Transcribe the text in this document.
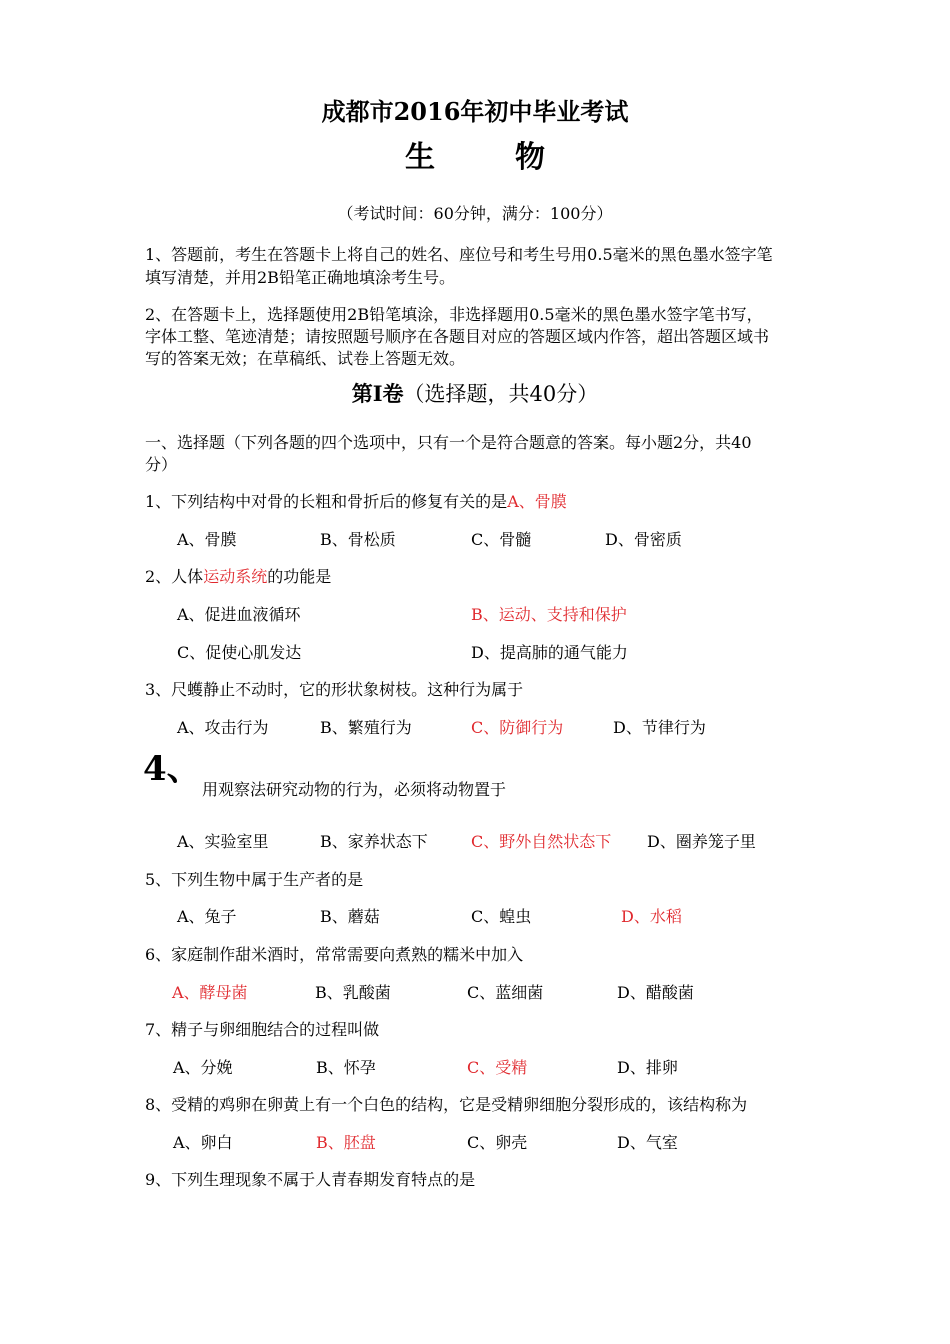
成都市2016年初中毕业考试
生物
（考试时间：60分钟，满分：100分）
1、答题前，考生在答题卡上将自己的姓名、座位号和考生号用0.5毫米的黑色墨水签字笔
填写清楚，并用2B铅笔正确地填涂考生号。
2、在答题卡上，选择题使用2B铅笔填涂，非选择题用0.5毫米的黑色墨水签字笔书写，
字体工整、笔迹清楚；请按照题号顺序在各题目对应的答题区域内作答，超出答题区域书
写的答案无效；在草稿纸、试卷上答题无效。
第Ⅰ卷（选择题，共40分）
一、选择题（下列各题的四个选项中，只有一个是符合题意的答案。每小题2分，共40
分）
1、下列结构中对骨的长粗和骨折后的修复有关的是A、骨膜
A、骨膜	B、骨松质	C、骨髓	D、骨密质
2、人体运动系统的功能是
A、促进血液循环	B、运动、支持和保护
C、促使心肌发达	D、提高肺的通气能力
3、尺蠖静止不动时，它的形状象树枝。这种行为属于
A、攻击行为	B、繁殖行为	C、防御行为	D、节律行为
4、
用观察法研究动物的行为，必须将动物置于
A、实验室里	B、家养状态下	C、野外自然状态下 D、圈养笼子里
5、下列生物中属于生产者的是
A、兔子	B、蘑菇	C、蝗虫	D、水稻
6、家庭制作甜米酒时，常常需要向煮熟的糯米中加入
A、酵母菌	B、乳酸菌	C、蓝细菌	D、醋酸菌
7、精子与卵细胞结合的过程叫做
A、分娩	B、怀孕	C、受精	D、排卵
8、受精的鸡卵在卵黄上有一个白色的结构，它是受精卵细胞分裂形成的，该结构称为
A、卵白	B、胚盘	C、卵壳	D、气室
9、下列生理现象不属于人青春期发育特点的是
